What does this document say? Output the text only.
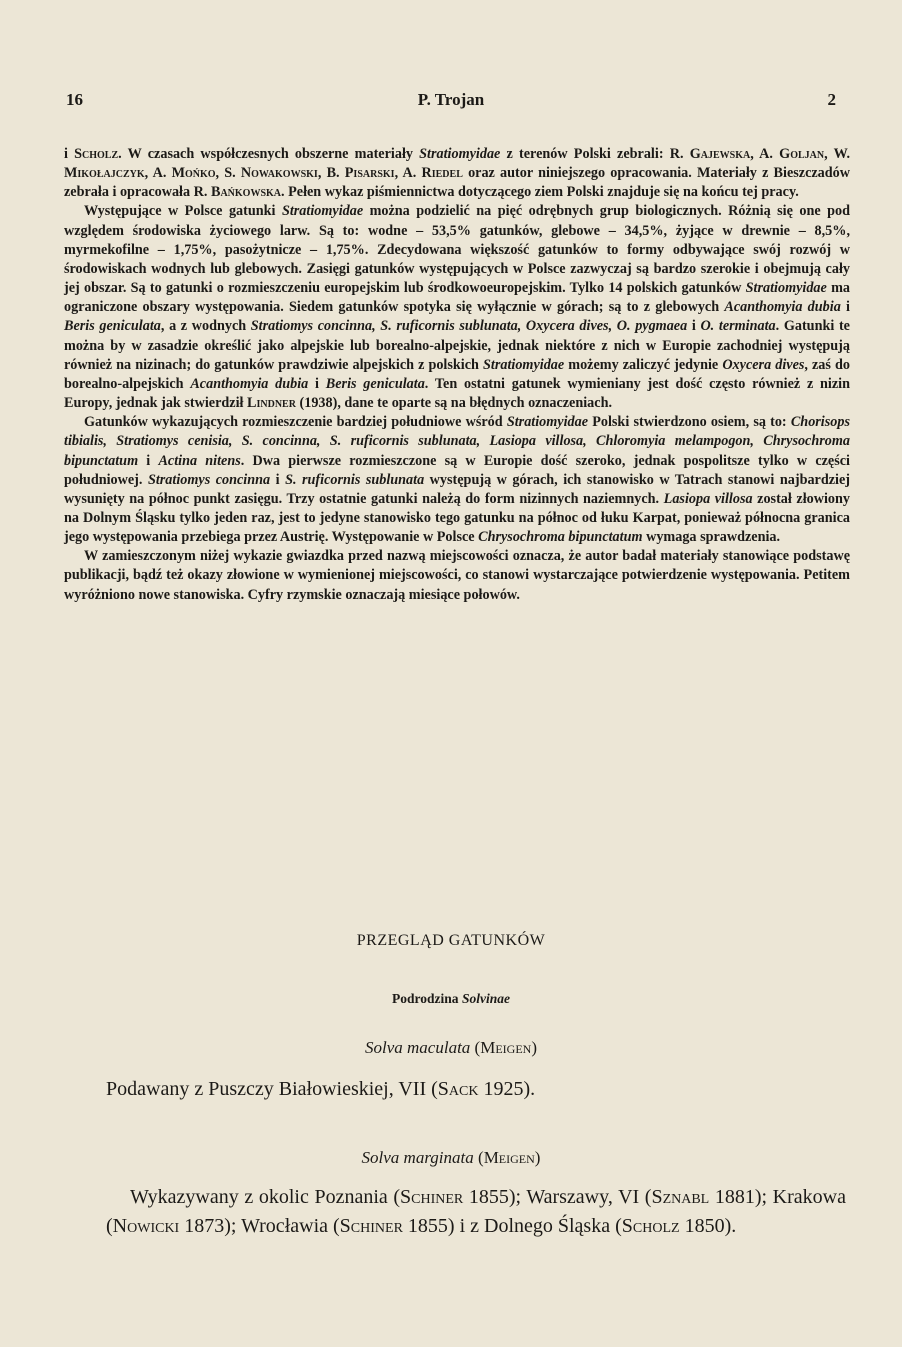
16	P. Trojan	2

i Scholz. W czasach współczesnych obszerne materiały Stratiomyidae z terenów Polski zebrali: R. Gajewska, A. Goljan, W. Mikołajczyk, A. Mońko, S. Nowakowski, B. Pisarski, A. Riedel oraz autor niniejszego opracowania. Materiały z Bieszczadów zebrała i opracowała R. Bańkowska. Pełen wykaz piśmiennictwa dotyczącego ziem Polski znajduje się na końcu tej pracy.

Występujące w Polsce gatunki Stratiomyidae można podzielić na pięć odrębnych grup biologicznych. Różnią się one pod względem środowiska życiowego larw. Są to: wodne – 53,5% gatunków, glebowe – 34,5%, żyjące w drewnie – 8,5%, myrmekofilne – 1,75%, pasożytnicze – 1,75%. Zdecydowana większość gatunków to formy odbywające swój rozwój w środowiskach wodnych lub glebowych. Zasięgi gatunków występujących w Polsce zazwyczaj są bardzo szerokie i obejmują cały jej obszar. Są to gatunki o rozmieszczeniu europejskim lub środkowoeuropejskim. Tylko 14 polskich gatunków Stratiomyidae ma ograniczone obszary występowania. Siedem gatunków spotyka się wyłącznie w górach; są to z glebowych Acanthomyia dubia i Beris geniculata, a z wodnych Stratiomys concinna, S. ruficornis sublunata, Oxycera dives, O. pygmaea i O. terminata. Gatunki te można by w zasadzie określić jako alpejskie lub borealno-alpejskie, jednak niektóre z nich w Europie zachodniej występują również na nizinach; do gatunków prawdziwie alpejskich z polskich Stratiomyidae możemy zaliczyć jedynie Oxycera dives, zaś do borealno-alpejskich Acanthomyia dubia i Beris geniculata. Ten ostatni gatunek wymieniany jest dość często również z nizin Europy, jednak jak stwierdził Lindner (1938), dane te oparte są na błędnych oznaczeniach.

Gatunków wykazujących rozmieszczenie bardziej południowe wśród Stratiomyidae Polski stwierdzono osiem, są to: Chorisops tibialis, Stratiomys cenisia, S. concinna, S. ruficornis sublunata, Lasiopa villosa, Chloromyia melampogon, Chrysochroma bipunctatum i Actina nitens. Dwa pierwsze rozmieszczone są w Europie dość szeroko, jednak pospolitsze tylko w części południowej. Stratiomys concinna i S. ruficornis sublunata występują w górach, ich stanowisko w Tatrach stanowi najbardziej wysunięty na północ punkt zasięgu. Trzy ostatnie gatunki należą do form nizinnych naziemnych. Lasiopa villosa został złowiony na Dolnym Śląsku tylko jeden raz, jest to jedyne stanowisko tego gatunku na północ od łuku Karpat, ponieważ północna granica jego występowania przebiega przez Austrię. Występowanie w Polsce Chrysochroma bipunctatum wymaga sprawdzenia.

W zamieszczonym niżej wykazie gwiazdka przed nazwą miejscowości oznacza, że autor badał materiały stanowiące podstawę publikacji, bądź też okazy złowione w wymienionej miejscowości, co stanowi wystarczające potwierdzenie występowania. Petitem wyróżniono nowe stanowiska. Cyfry rzymskie oznaczają miesiące połowów.

PRZEGLĄD GATUNKÓW
Podrodzina Solvinae
Solva maculata (Meigen)
Podawany z Puszczy Białowieskiej, VII (Sack 1925).
Solva marginata (Meigen)
Wykazywany z okolic Poznania (Schiner 1855); Warszawy, VI (Sznabl 1881); Krakowa (Nowicki 1873); Wrocławia (Schiner 1855) i z Dolnego Śląska (Scholz 1850).
